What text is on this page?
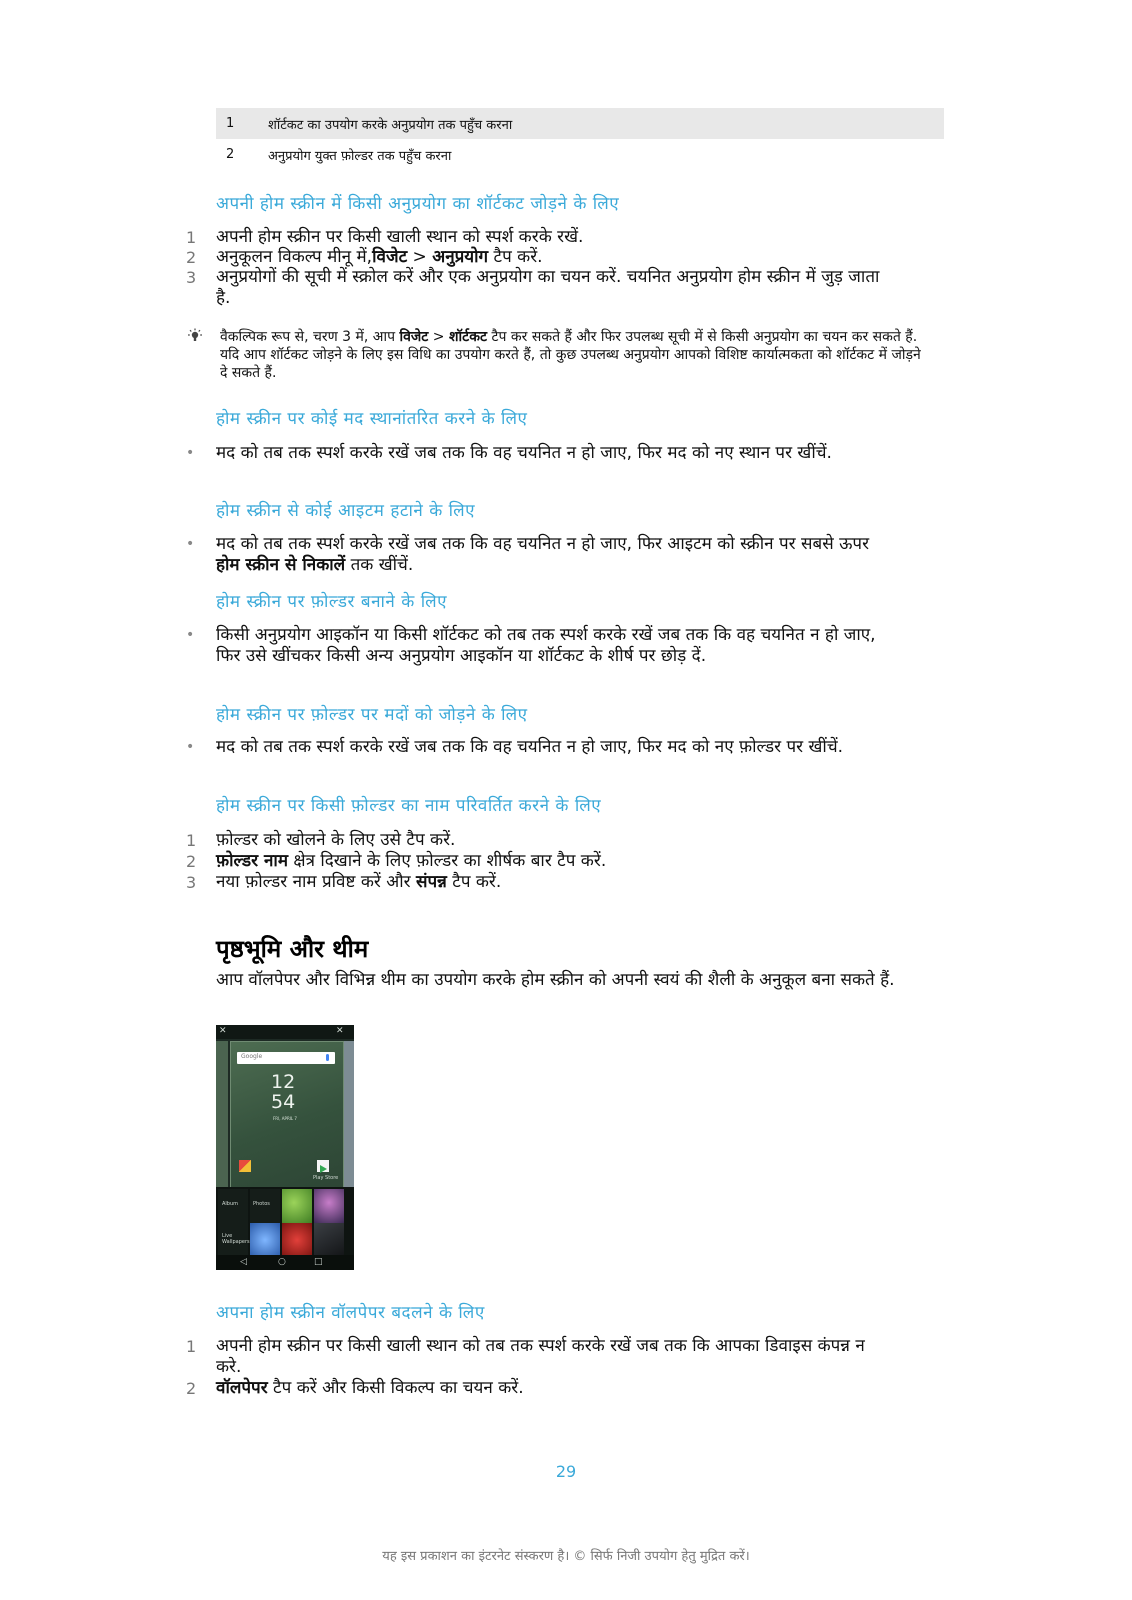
1	शॉर्टकट का उपयोग करके अनुप्रयोग तक पहुँच करना
2	अनुप्रयोग युक्त फ़ोल्डर तक पहुँच करना
अपनी होम स्क्रीन में किसी अनुप्रयोग का शॉर्टकट जोड़ने के लिए
1	अपनी होम स्क्रीन पर किसी खाली स्थान को स्पर्श करके रखें.
2	अनुकूलन विकल्प मीनू में,विजेट > अनुप्रयोग टैप करें.
3	अनुप्रयोगों की सूची में स्क्रोल करें और एक अनुप्रयोग का चयन करें. चयनित अनुप्रयोग होम स्क्रीन में जुड़ जाता है.
वैकल्पिक रूप से, चरण 3 में, आप विजेट > शॉर्टकट टैप कर सकते हैं और फिर उपलब्ध सूची में से किसी अनुप्रयोग का चयन कर सकते हैं. यदि आप शॉर्टकट जोड़ने के लिए इस विधि का उपयोग करते हैं, तो कुछ उपलब्ध अनुप्रयोग आपको विशिष्ट कार्यात्मकता को शॉर्टकट में जोड़ने दे सकते हैं.
होम स्क्रीन पर कोई मद स्थानांतरित करने के लिए
•	मद को तब तक स्पर्श करके रखें जब तक कि वह चयनित न हो जाए, फिर मद को नए स्थान पर खींचें.
होम स्क्रीन से कोई आइटम हटाने के लिए
•	मद को तब तक स्पर्श करके रखें जब तक कि वह चयनित न हो जाए, फिर आइटम को स्क्रीन पर सबसे ऊपर होम स्क्रीन से निकालें तक खींचें.
होम स्क्रीन पर फ़ोल्डर बनाने के लिए
•	किसी अनुप्रयोग आइकॉन या किसी शॉर्टकट को तब तक स्पर्श करके रखें जब तक कि वह चयनित न हो जाए, फिर उसे खींचकर किसी अन्य अनुप्रयोग आइकॉन या शॉर्टकट के शीर्ष पर छोड़ दें.
होम स्क्रीन पर फ़ोल्डर पर मदों को जोड़ने के लिए
•	मद को तब तक स्पर्श करके रखें जब तक कि वह चयनित न हो जाए, फिर मद को नए फ़ोल्डर पर खींचें.
होम स्क्रीन पर किसी फ़ोल्डर का नाम परिवर्तित करने के लिए
1	फ़ोल्डर को खोलने के लिए उसे टैप करें.
2	फ़ोल्डर नाम क्षेत्र दिखाने के लिए फ़ोल्डर का शीर्षक बार टैप करें.
3	नया फ़ोल्डर नाम प्रविष्ट करें और संपन्न टैप करें.
पृष्ठभूमि और थीम
आप वॉलपेपर और विभिन्न थीम का उपयोग करके होम स्क्रीन को अपनी स्वयं की शैली के अनुकूल बना सकते हैं.
✕	✕
Google
12
54
FRI, APRIL 7
Play Store
Album	Photos
Live Wallpapers
◁	○	□
अपना होम स्क्रीन वॉलपेपर बदलने के लिए
1	अपनी होम स्क्रीन पर किसी खाली स्थान को तब तक स्पर्श करके रखें जब तक कि आपका डिवाइस कंपन्न न करे.
2	वॉलपेपर टैप करें और किसी विकल्प का चयन करें.
29
यह इस प्रकाशन का इंटरनेट संस्करण है। © सिर्फ निजी उपयोग हेतु मुद्रित करें।
